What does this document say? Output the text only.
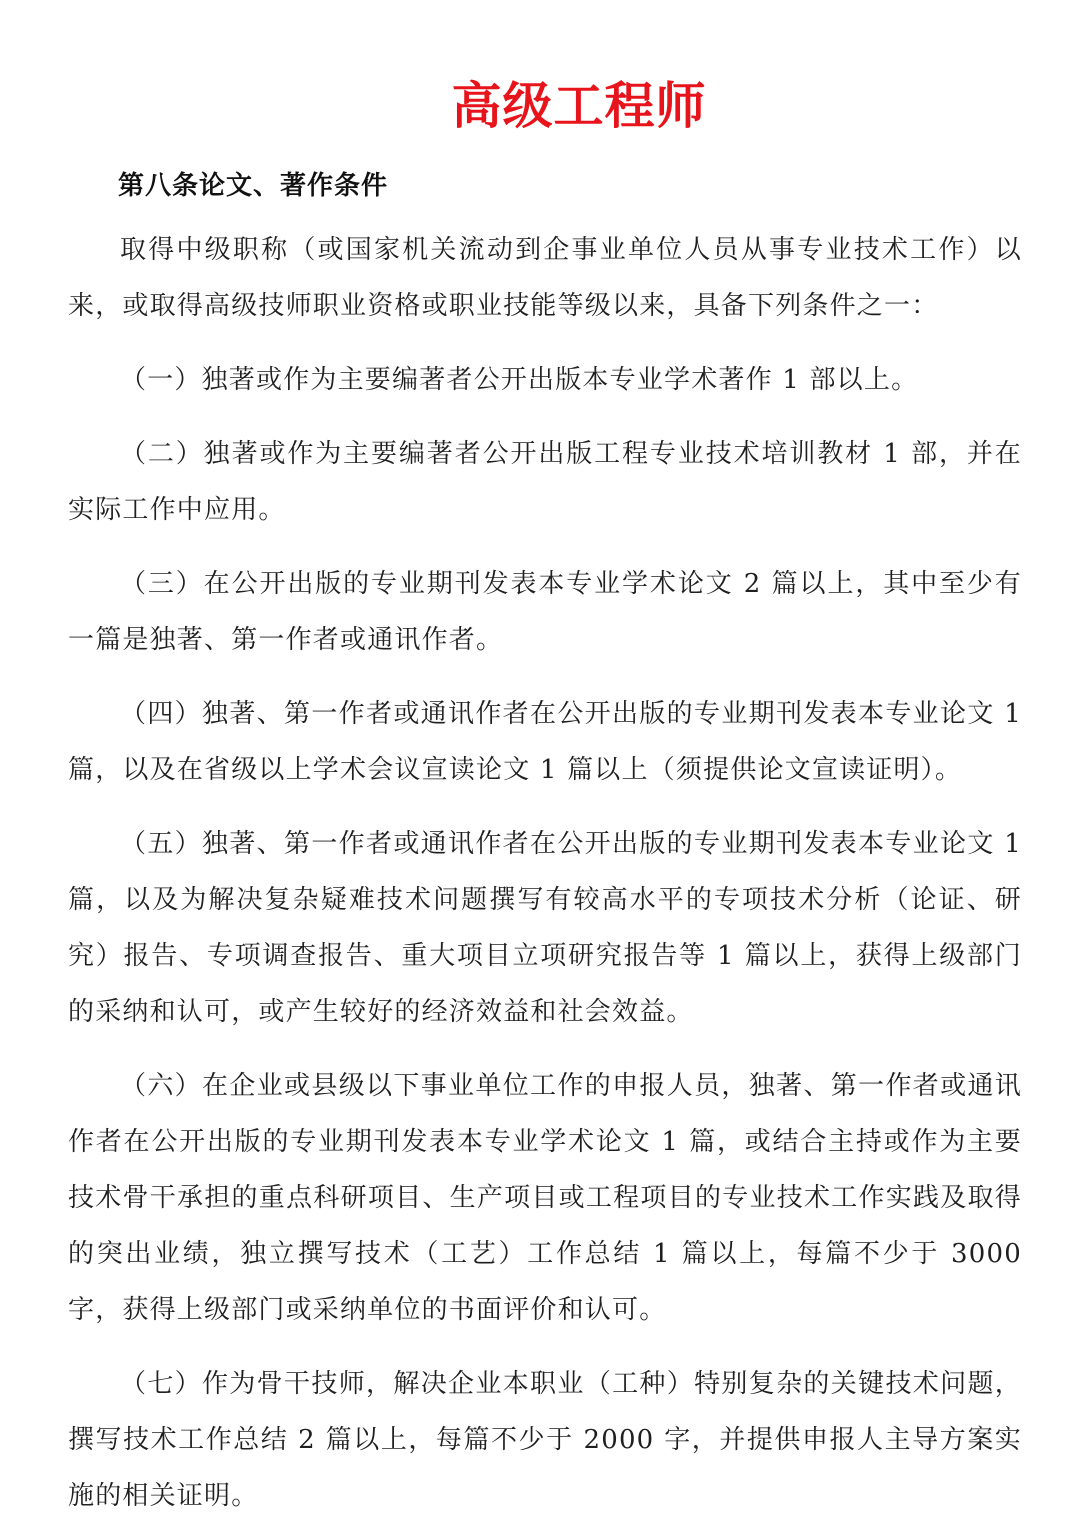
高级工程师
第八条论文、著作条件

取得中级职称（或国家机关流动到企事业单位人员从事专业技术工作）以来，或取得高级技师职业资格或职业技能等级以来，具备下列条件之一：

（一）独著或作为主要编著者公开出版本专业学术著作 1 部以上。

（二）独著或作为主要编著者公开出版工程专业技术培训教材 1 部，并在实际工作中应用。

（三）在公开出版的专业期刊发表本专业学术论文 2 篇以上，其中至少有一篇是独著、第一作者或通讯作者。

（四）独著、第一作者或通讯作者在公开出版的专业期刊发表本专业论文 1 篇，以及在省级以上学术会议宣读论文 1 篇以上（须提供论文宣读证明）。

（五）独著、第一作者或通讯作者在公开出版的专业期刊发表本专业论文 1 篇，以及为解决复杂疑难技术问题撰写有较高水平的专项技术分析（论证、研究）报告、专项调查报告、重大项目立项研究报告等 1 篇以上，获得上级部门的采纳和认可，或产生较好的经济效益和社会效益。

（六）在企业或县级以下事业单位工作的申报人员，独著、第一作者或通讯作者在公开出版的专业期刊发表本专业学术论文 1 篇，或结合主持或作为主要技术骨干承担的重点科研项目、生产项目或工程项目的专业技术工作实践及取得的突出业绩，独立撰写技术（工艺）工作总结 1 篇以上，每篇不少于 3000 字，获得上级部门或采纳单位的书面评价和认可。

（七）作为骨干技师，解决企业本职业（工种）特别复杂的关键技术问题，撰写技术工作总结 2 篇以上，每篇不少于 2000 字，并提供申报人主导方案实施的相关证明。
